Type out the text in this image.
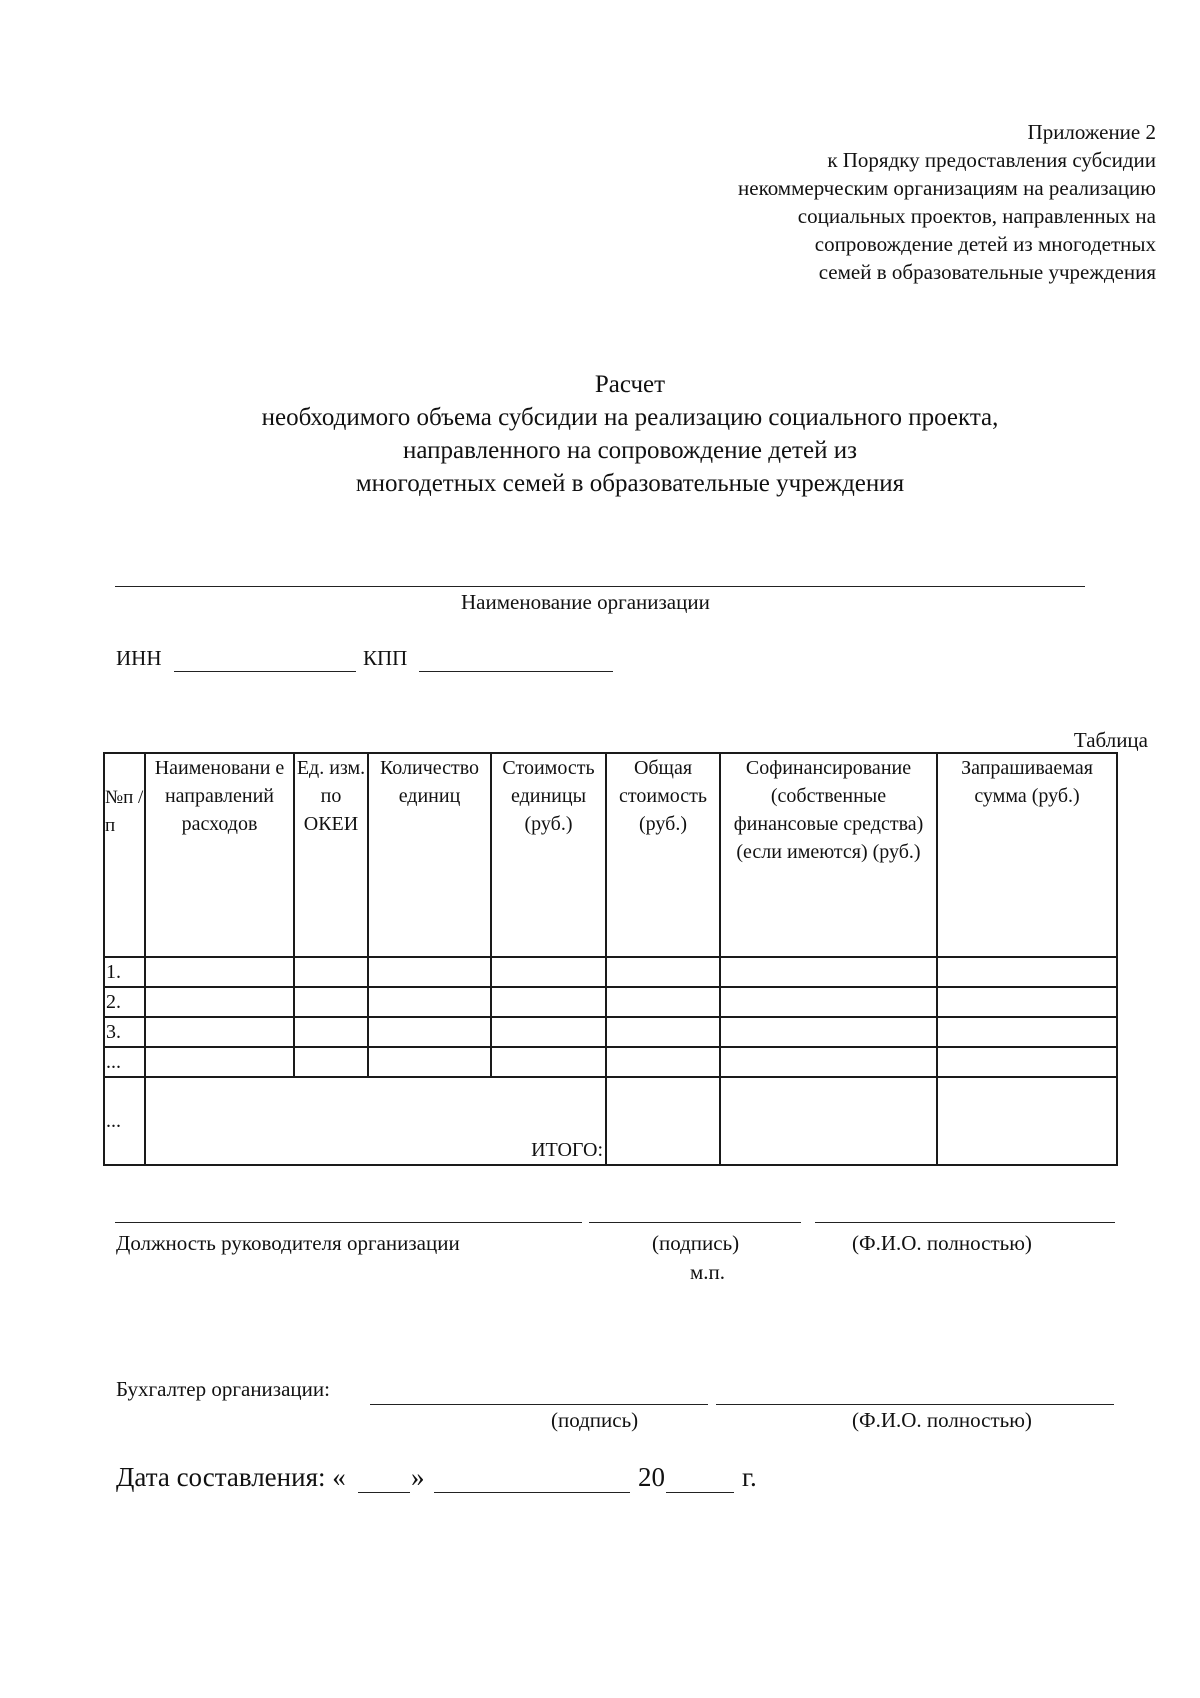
Приложение 2
к Порядку предоставления субсидии
некоммерческим организациям на реализацию
социальных проектов, направленных на
сопровождение детей из многодетных
семей в образовательные учреждения
Расчет
необходимого объема субсидии на реализацию социального проекта,
направленного на сопровождение детей из
многодетных семей в образовательные учреждения
Наименование организации
ИНН	КПП
Таблица
№п /п	Наименовани е направлений расходов	Ед. изм. по ОКЕИ	Количество единиц	Стоимость единицы (руб.)	Общая стоимость (руб.)	Софинансирование (собственные финансовые средства) (если имеются) (руб.)	Запрашиваемая сумма (руб.)
1.							
2.							
3.							
...							
...	ИТОГО:						
Должность руководителя организации	(подпись)
м.п.
(Ф.И.О. полностью)
Бухгалтер организации:
(подпись)	(Ф.И.О. полностью)
Дата составления: « »	20	г.
